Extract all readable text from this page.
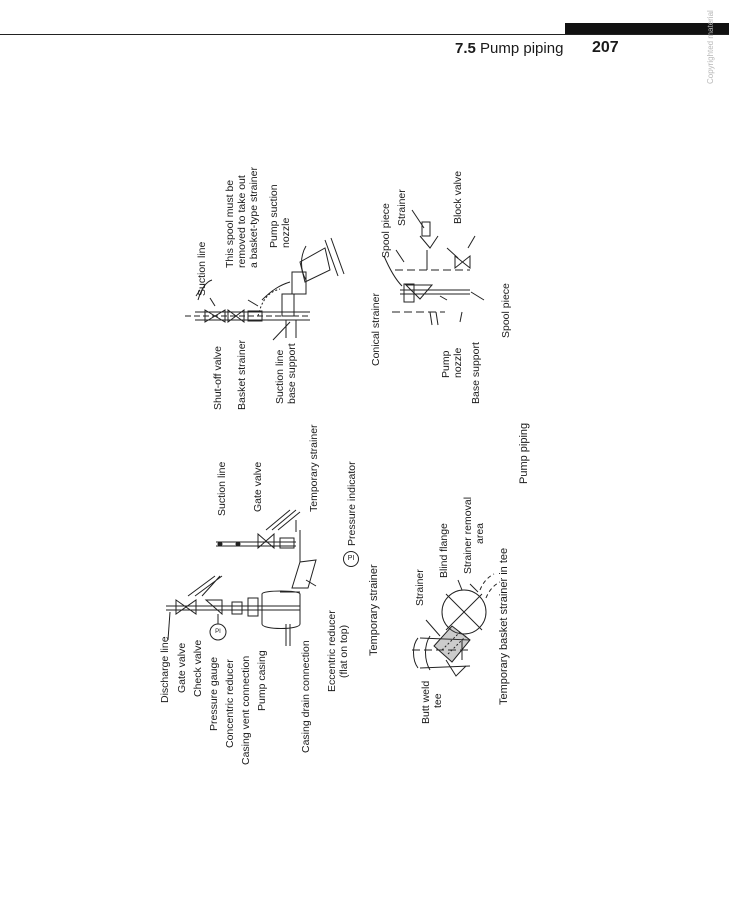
7.5 Pump piping 207	Copyrighted material
Shut-off valve Basket strainer
Suction line
Suction line
base support
This spool must be
removed to take out
a basket-type strainer Pump suction
nozzle
Conical strainer	Pump
nozzle Base support
Spool piece
Spool piece Strainer	Block valve
Pump piping
Discharge line Gate valve Check valve Pressure gauge Concentric reducer Casing vent connection Pump casing	Casing drain connection Eccentric reducer
(flat on top)
Suction line Gate valve	Temporary strainer
PI
Pressure indicator
PI	Temporary strainer
Butt weld
tee
Strainer
Blind flange Strainer removal
area
Temporary basket strainer in tee
